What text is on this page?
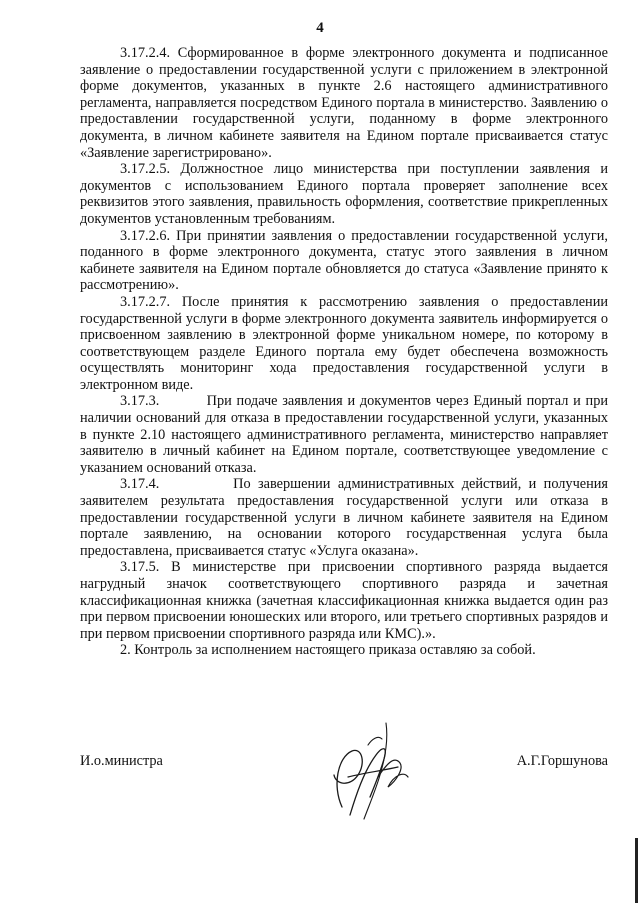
4

3.17.2.4. Сформированное в форме электронного документа и подписанное заявление о предоставлении государственной услуги с приложением в электронной форме документов, указанных в пункте 2.6 настоящего административного регламента, направляется посредством Единого портала в министерство. Заявлению о предоставлении государственной услуги, поданному в форме электронного документа, в личном кабинете заявителя на Едином портале присваивается статус «Заявление зарегистрировано».

3.17.2.5. Должностное лицо министерства при поступлении заявления и документов с использованием Единого портала проверяет заполнение всех реквизитов этого заявления, правильность оформления, соответствие прикрепленных документов установленным требованиям.

3.17.2.6. При принятии заявления о предоставлении государственной услуги, поданного в форме электронного документа, статус этого заявления в личном кабинете заявителя на Едином портале обновляется до статуса «Заявление принято к рассмотрению».

3.17.2.7. После принятия к рассмотрению заявления о предоставлении государственной услуги в форме электронного документа заявитель информируется о присвоенном заявлению в электронной форме уникальном номере, по которому в соответствующем разделе Единого портала ему будет обеспечена возможность осуществлять мониторинг хода предоставления государственной услуги в электронном виде.

3.17.3.          При подаче заявления и документов через Единый портал и при наличии оснований для отказа в предоставлении государственной услуги, указанных в пункте 2.10 настоящего административного регламента, министерство направляет заявителю в личный кабинет на Едином портале, соответствующее уведомление с указанием оснований отказа.

3.17.4.          По завершении административных действий, и получения заявителем результата предоставления государственной услуги или отказа в предоставлении государственной услуги в личном кабинете заявителя на Едином портале заявлению, на основании которого государственная услуга была предоставлена, присваивается статус «Услуга оказана».

3.17.5. В министерстве при присвоении спортивного разряда выдается нагрудный значок соответствующего спортивного разряда и зачетная классификационная книжка (зачетная классификационная книжка выдается один раз при первом присвоении юношеских или второго, или третьего спортивных разрядов и при первом присвоении спортивного разряда или КМС).».

2. Контроль за исполнением настоящего приказа оставляю за собой.

И.о.министра	А.Г.Горшунова
